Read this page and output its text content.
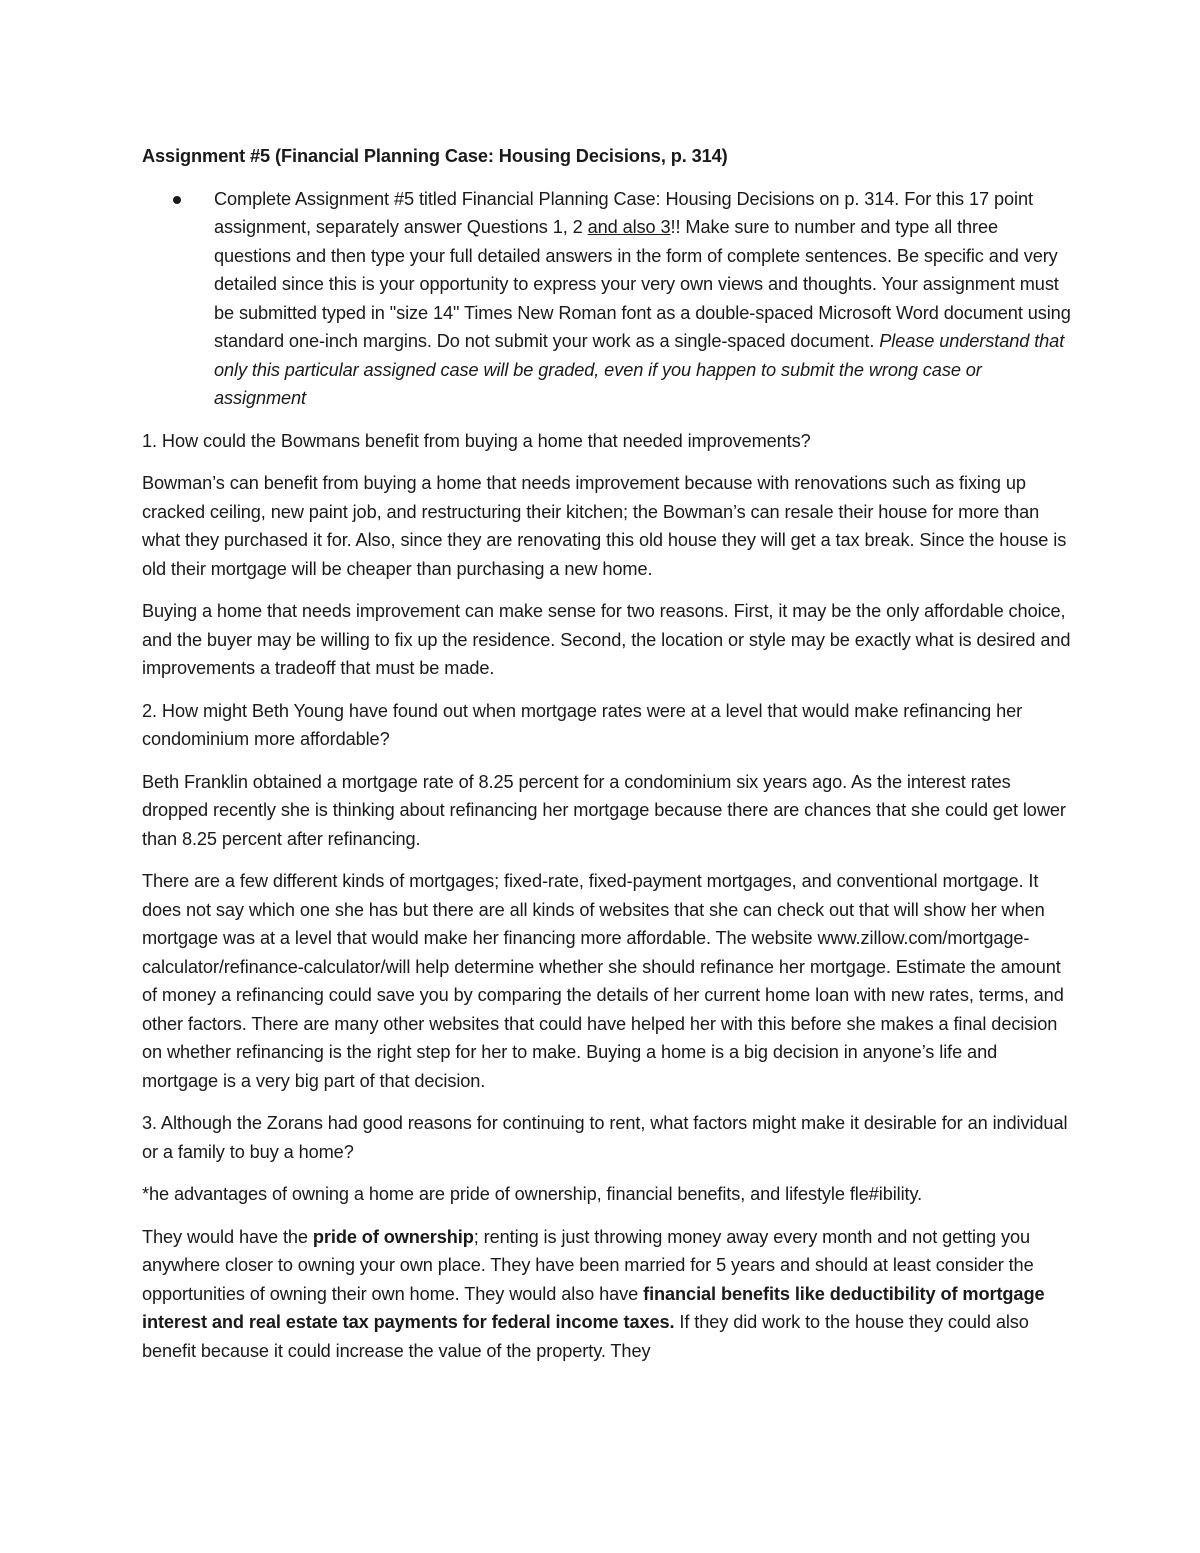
Assignment #5 (Financial Planning Case: Housing Decisions, p. 314)
Complete Assignment #5 titled Financial Planning Case: Housing Decisions on p. 314. For this 17 point assignment, separately answer Questions 1, 2 and also 3!! Make sure to number and type all three questions and then type your full detailed answers in the form of complete sentences. Be specific and very detailed since this is your opportunity to express your very own views and thoughts. Your assignment must be submitted typed in "size 14" Times New Roman font as a double-spaced Microsoft Word document using standard one-inch margins. Do not submit your work as a single-spaced document. Please understand that only this particular assigned case will be graded, even if you happen to submit the wrong case or assignment

1. How could the Bowmans benefit from buying a home that needed improvements?

Bowman’s can benefit from buying a home that needs improvement because with renovations such as fixing up cracked ceiling, new paint job, and restructuring their kitchen; the Bowman’s can resale their house for more than what they purchased it for. Also, since they are renovating this old house they will get a tax break. Since the house is old their mortgage will be cheaper than purchasing a new home.

Buying a home that needs improvement can make sense for two reasons. First, it may be the only affordable choice, and the buyer may be willing to fix up the residence. Second, the location or style may be exactly what is desired and improvements a tradeoff that must be made.

2. How might Beth Young have found out when mortgage rates were at a level that would make refinancing her condominium more affordable?

Beth Franklin obtained a mortgage rate of 8.25 percent for a condominium six years ago. As the interest rates dropped recently she is thinking about refinancing her mortgage because there are chances that she could get lower than 8.25 percent after refinancing.

There are a few different kinds of mortgages; fixed-rate, fixed-payment mortgages, and conventional mortgage. It does not say which one she has but there are all kinds of websites that she can check out that will show her when mortgage was at a level that would make her financing more affordable. The website www.zillow.com/mortgage-calculator/refinance-calculator/will help determine whether she should refinance her mortgage. Estimate the amount of money a refinancing could save you by comparing the details of her current home loan with new rates, terms, and other factors. There are many other websites that could have helped her with this before she makes a final decision on whether refinancing is the right step for her to make. Buying a home is a big decision in anyone’s life and mortgage is a very big part of that decision.

3. Although the Zorans had good reasons for continuing to rent, what factors might make it desirable for an individual or a family to buy a home?

*he advantages of owning a home are pride of ownership, financial benefits, and lifestyle fle#ibility.

They would have the pride of ownership; renting is just throwing money away every month and not getting you anywhere closer to owning your own place. They have been married for 5 years and should at least consider the opportunities of owning their own home. They would also have financial benefits like deductibility of mortgage interest and real estate tax payments for federal income taxes. If they did work to the house they could also benefit because it could increase the value of the property. They
